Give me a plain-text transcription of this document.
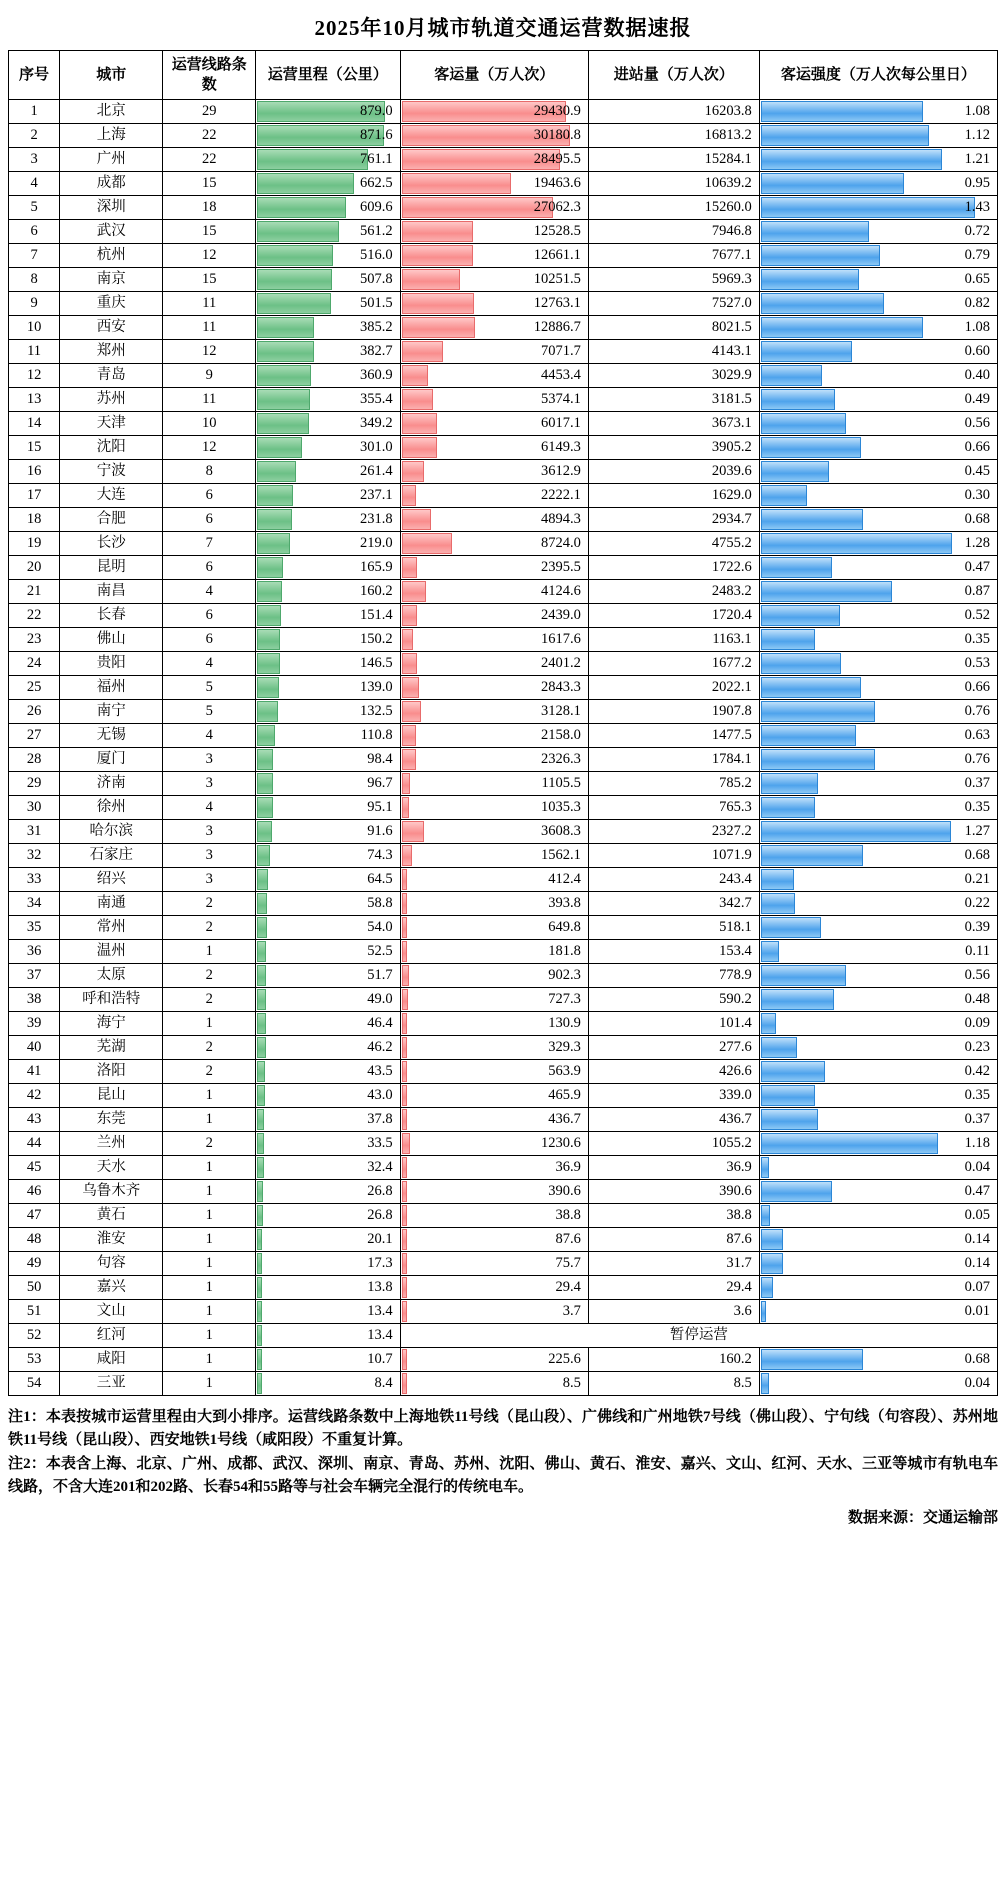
2025年10月城市轨道交通运营数据速报
序号	城市	运营线路条数	运营里程（公里）	客运量（万人次）	进站量（万人次）	客运强度（万人次每公里日）
1	北京	29	879.0	29430.9	16203.8	1.08

2	上海	22	871.6	30180.8	16813.2	1.12

3	广州	22	761.1	28495.5	15284.1	1.21

4	成都	15	662.5	19463.6	10639.2	0.95

5	深圳	18	609.6	27062.3	15260.0	1.43

6	武汉	15	561.2	12528.5	7946.8	0.72

7	杭州	12	516.0	12661.1	7677.1	0.79

8	南京	15	507.8	10251.5	5969.3	0.65

9	重庆	11	501.5	12763.1	7527.0	0.82

10	西安	11	385.2	12886.7	8021.5	1.08

11	郑州	12	382.7	7071.7	4143.1	0.60

12	青岛	9	360.9	4453.4	3029.9	0.40

13	苏州	11	355.4	5374.1	3181.5	0.49

14	天津	10	349.2	6017.1	3673.1	0.56

15	沈阳	12	301.0	6149.3	3905.2	0.66

16	宁波	8	261.4	3612.9	2039.6	0.45

17	大连	6	237.1	2222.1	1629.0	0.30

18	合肥	6	231.8	4894.3	2934.7	0.68

19	长沙	7	219.0	8724.0	4755.2	1.28

20	昆明	6	165.9	2395.5	1722.6	0.47

21	南昌	4	160.2	4124.6	2483.2	0.87

22	长春	6	151.4	2439.0	1720.4	0.52

23	佛山	6	150.2	1617.6	1163.1	0.35

24	贵阳	4	146.5	2401.2	1677.2	0.53

25	福州	5	139.0	2843.3	2022.1	0.66

26	南宁	5	132.5	3128.1	1907.8	0.76

27	无锡	4	110.8	2158.0	1477.5	0.63

28	厦门	3	98.4	2326.3	1784.1	0.76

29	济南	3	96.7	1105.5	785.2	0.37

30	徐州	4	95.1	1035.3	765.3	0.35

31	哈尔滨	3	91.6	3608.3	2327.2	1.27

32	石家庄	3	74.3	1562.1	1071.9	0.68

33	绍兴	3	64.5	412.4	243.4	0.21

34	南通	2	58.8	393.8	342.7	0.22

35	常州	2	54.0	649.8	518.1	0.39

36	温州	1	52.5	181.8	153.4	0.11

37	太原	2	51.7	902.3	778.9	0.56

38	呼和浩特	2	49.0	727.3	590.2	0.48

39	海宁	1	46.4	130.9	101.4	0.09

40	芜湖	2	46.2	329.3	277.6	0.23

41	洛阳	2	43.5	563.9	426.6	0.42

42	昆山	1	43.0	465.9	339.0	0.35

43	东莞	1	37.8	436.7	436.7	0.37

44	兰州	2	33.5	1230.6	1055.2	1.18

45	天水	1	32.4	36.9	36.9	0.04

46	乌鲁木齐	1	26.8	390.6	390.6	0.47

47	黄石	1	26.8	38.8	38.8	0.05

48	淮安	1	20.1	87.6	87.6	0.14

49	句容	1	17.3	75.7	31.7	0.14

50	嘉兴	1	13.8	29.4	29.4	0.07

51	文山	1	13.4	3.7	3.6	0.01

52	红河	1	13.4	暂停运营		
53	咸阳	1	10.7	225.6	160.2	0.68

54	三亚	1	8.4	8.5	8.5	0.04

注1：本表按城市运营里程由大到小排序。运营线路条数中上海地铁11号线（昆山段）、广佛线和广州地铁7号线（佛山段）、宁句线（句容段）、苏州地铁11号线（昆山段）、西安地铁1号线（咸阳段）不重复计算。

注2：本表含上海、北京、广州、成都、武汉、深圳、南京、青岛、苏州、沈阳、佛山、黄石、淮安、嘉兴、文山、红河、天水、三亚等城市有轨电车线路，不含大连201和202路、长春54和55路等与社会车辆完全混行的传统电车。

数据来源：交通运输部
